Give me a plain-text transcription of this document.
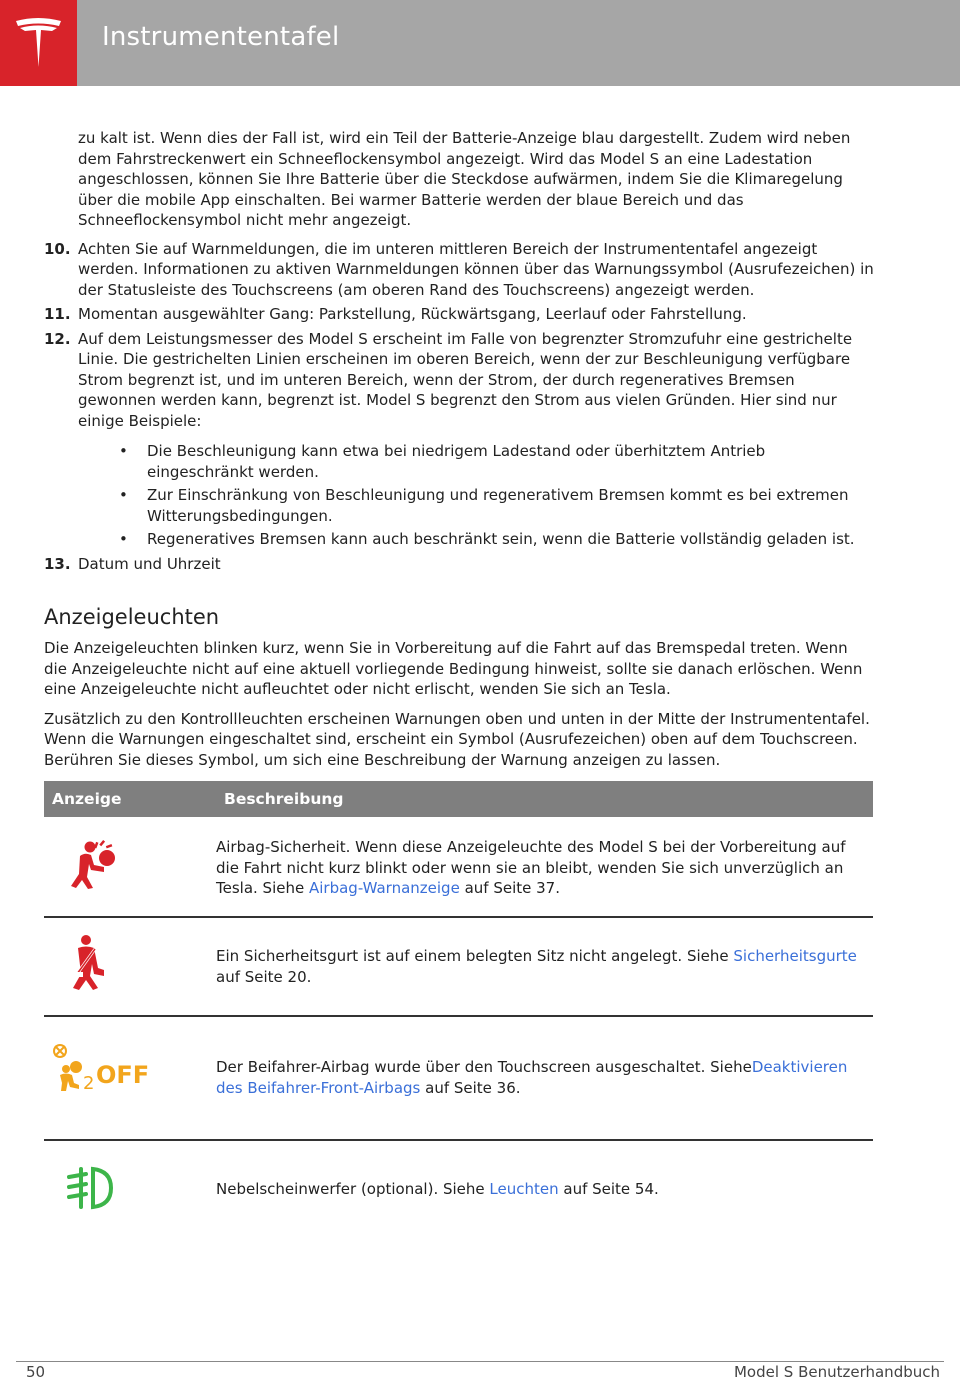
Instrumententafel

zu kalt ist. Wenn dies der Fall ist, wird ein Teil der Batterie-Anzeige blau dargestellt. Zudem wird neben dem Fahrstreckenwert ein Schneeflockensymbol angezeigt. Wird das Model S an eine Ladestation angeschlossen, können Sie Ihre Batterie über die Steckdose aufwärmen, indem Sie die Klimaregelung über die mobile App einschalten. Bei warmer Batterie werden der blaue Bereich und das Schneeflockensymbol nicht mehr angezeigt.

10. Achten Sie auf Warnmeldungen, die im unteren mittleren Bereich der Instrumententafel angezeigt werden. Informationen zu aktiven Warnmeldungen können über das Warnungssymbol (Ausrufezeichen) in der Statusleiste des Touchscreens (am oberen Rand des Touchscreens) angezeigt werden.
11. Momentan ausgewählter Gang: Parkstellung, Rückwärtsgang, Leerlauf oder Fahrstellung.
12. Auf dem Leistungsmesser des Model S erscheint im Falle von begrenzter Stromzufuhr eine gestrichelte Linie. Die gestrichelten Linien erscheinen im oberen Bereich, wenn der zur Beschleunigung verfügbare Strom begrenzt ist, und im unteren Bereich, wenn der Strom, der durch regeneratives Bremsen gewonnen werden kann, begrenzt ist. Model S begrenzt den Strom aus vielen Gründen. Hier sind nur einige Beispiele:
• Die Beschleunigung kann etwa bei niedrigem Ladestand oder überhitztem Antrieb eingeschränkt werden.
• Zur Einschränkung von Beschleunigung und regenerativem Bremsen kommt es bei extremen Witterungsbedingungen.
• Regeneratives Bremsen kann auch beschränkt sein, wenn die Batterie vollständig geladen ist.
13. Datum und Uhrzeit
Anzeigeleuchten

Die Anzeigeleuchten blinken kurz, wenn Sie in Vorbereitung auf die Fahrt auf das Bremspedal treten. Wenn die Anzeigeleuchte nicht auf eine aktuell vorliegende Bedingung hinweist, sollte sie danach erlöschen. Wenn eine Anzeigeleuchte nicht aufleuchtet oder nicht erlischt, wenden Sie sich an Tesla.

Zusätzlich zu den Kontrollleuchten erscheinen Warnungen oben und unten in der Mitte der Instrumententafel. Wenn die Warnungen eingeschaltet sind, erscheint ein Symbol (Ausrufezeichen) oben auf dem Touchscreen. Berühren Sie dieses Symbol, um sich eine Beschreibung der Warnung anzeigen zu lassen.

Anzeige	Beschreibung
	Airbag-Sicherheit. Wenn diese Anzeigeleuchte des Model S bei der Vorbereitung auf die Fahrt nicht kurz blinkt oder wenn sie an bleibt, wenden Sie sich unverzüglich an Tesla. Siehe Airbag-Warnanzeige auf Seite 37.
	Ein Sicherheitsgurt ist auf einem belegten Sitz nicht angelegt. Siehe Sicherheitsgurte auf Seite 20.

2 OFF	Der Beifahrer-Airbag wurde über den Touchscreen ausgeschaltet. SieheDeaktivieren des Beifahrer-Front-Airbags auf Seite 36.
	Nebelscheinwerfer (optional). Siehe Leuchten auf Seite 54.
50	Model S Benutzerhandbuch
